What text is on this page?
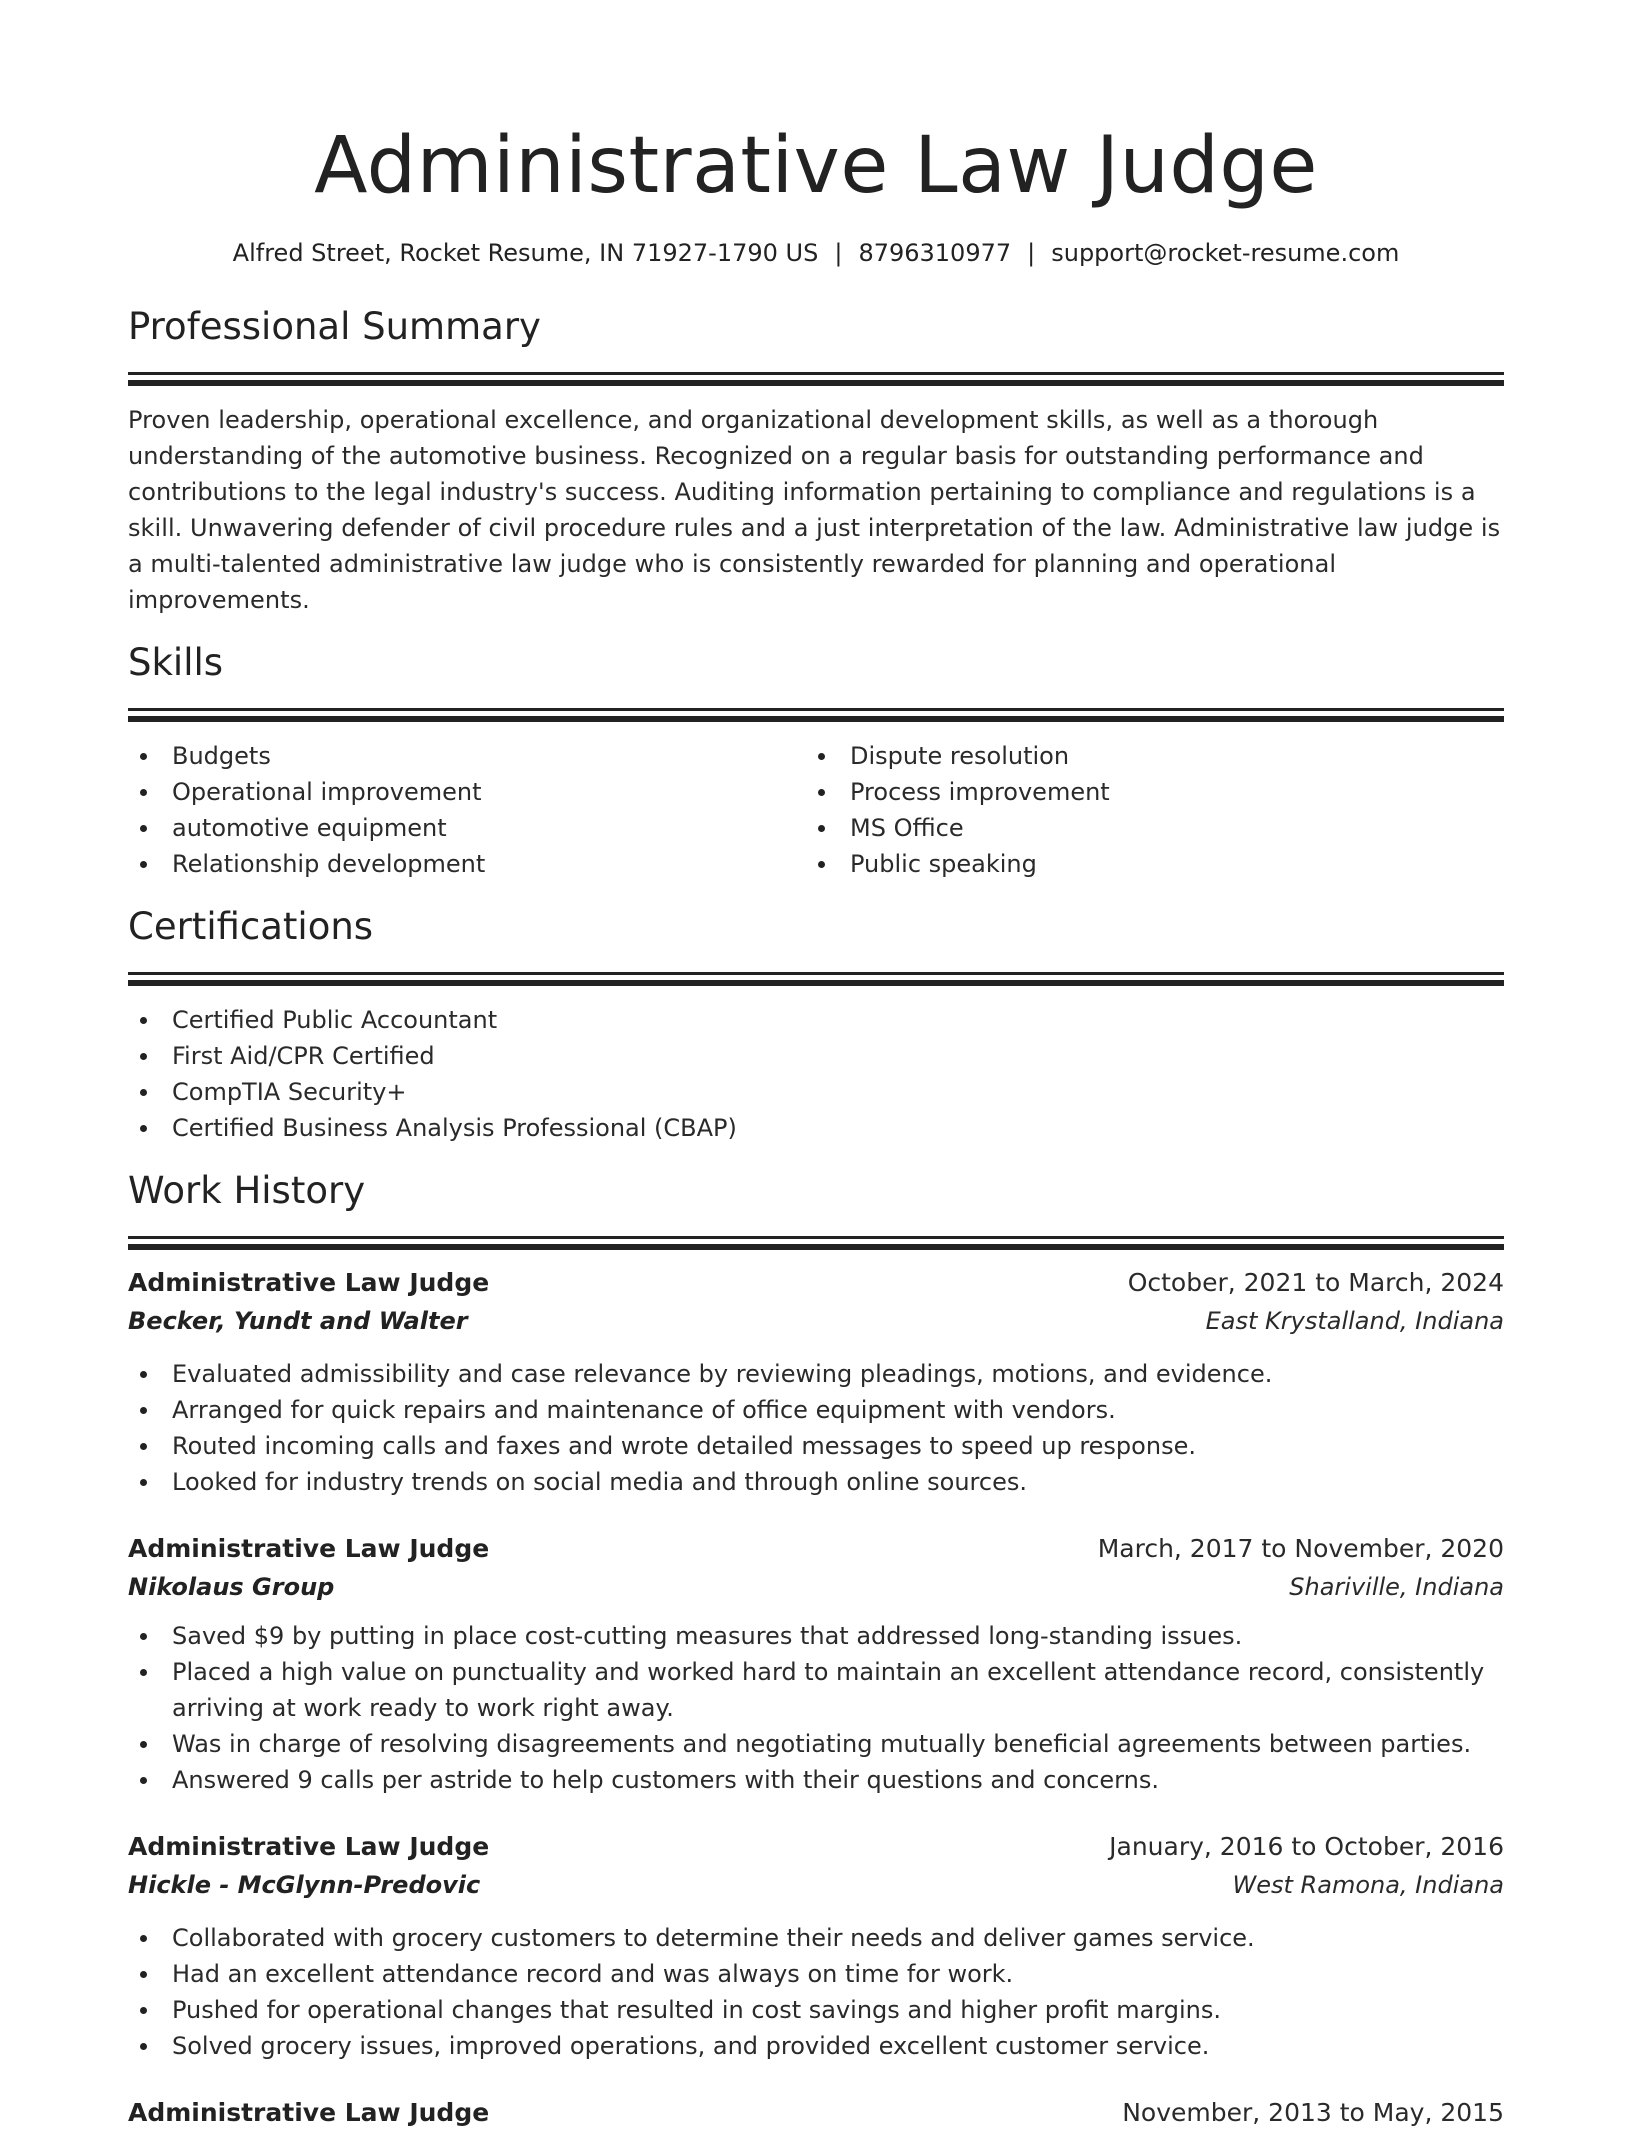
Administrative Law Judge
Alfred Street, Rocket Resume, IN 71927-1790 US | 8796310977 | support@rocket-resume.com
Professional Summary

Proven leadership, operational excellence, and organizational development skills, as well as a thorough understanding of the automotive business. Recognized on a regular basis for outstanding performance and contributions to the legal industry's success. Auditing information pertaining to compliance and regulations is a skill. Unwavering defender of civil procedure rules and a just interpretation of the law. Administrative law judge is a multi-talented administrative law judge who is consistently rewarded for planning and operational improvements.

Skills
Budgets
Operational improvement
automotive equipment
Relationship development
Dispute resolution
Process improvement
MS Office
Public speaking
Certifications
Certified Public Accountant
First Aid/CPR Certified
CompTIA Security+
Certified Business Analysis Professional (CBAP)
Work History
Administrative Law Judge	October, 2021 to March, 2024
Becker, Yundt and Walter	East Krystalland, Indiana
Evaluated admissibility and case relevance by reviewing pleadings, motions, and evidence.
Arranged for quick repairs and maintenance of office equipment with vendors.
Routed incoming calls and faxes and wrote detailed messages to speed up response.
Looked for industry trends on social media and through online sources.
Administrative Law Judge	March, 2017 to November, 2020
Nikolaus Group	Shariville, Indiana
Saved $9 by putting in place cost-cutting measures that addressed long-standing issues.
Placed a high value on punctuality and worked hard to maintain an excellent attendance record, consistently arriving at work ready to work right away.
Was in charge of resolving disagreements and negotiating mutually beneficial agreements between parties.
Answered 9 calls per astride to help customers with their questions and concerns.
Administrative Law Judge	January, 2016 to October, 2016
Hickle - McGlynn-Predovic	West Ramona, Indiana
Collaborated with grocery customers to determine their needs and deliver games service.
Had an excellent attendance record and was always on time for work.
Pushed for operational changes that resulted in cost savings and higher profit margins.
Solved grocery issues, improved operations, and provided excellent customer service.
Administrative Law Judge	November, 2013 to May, 2015
